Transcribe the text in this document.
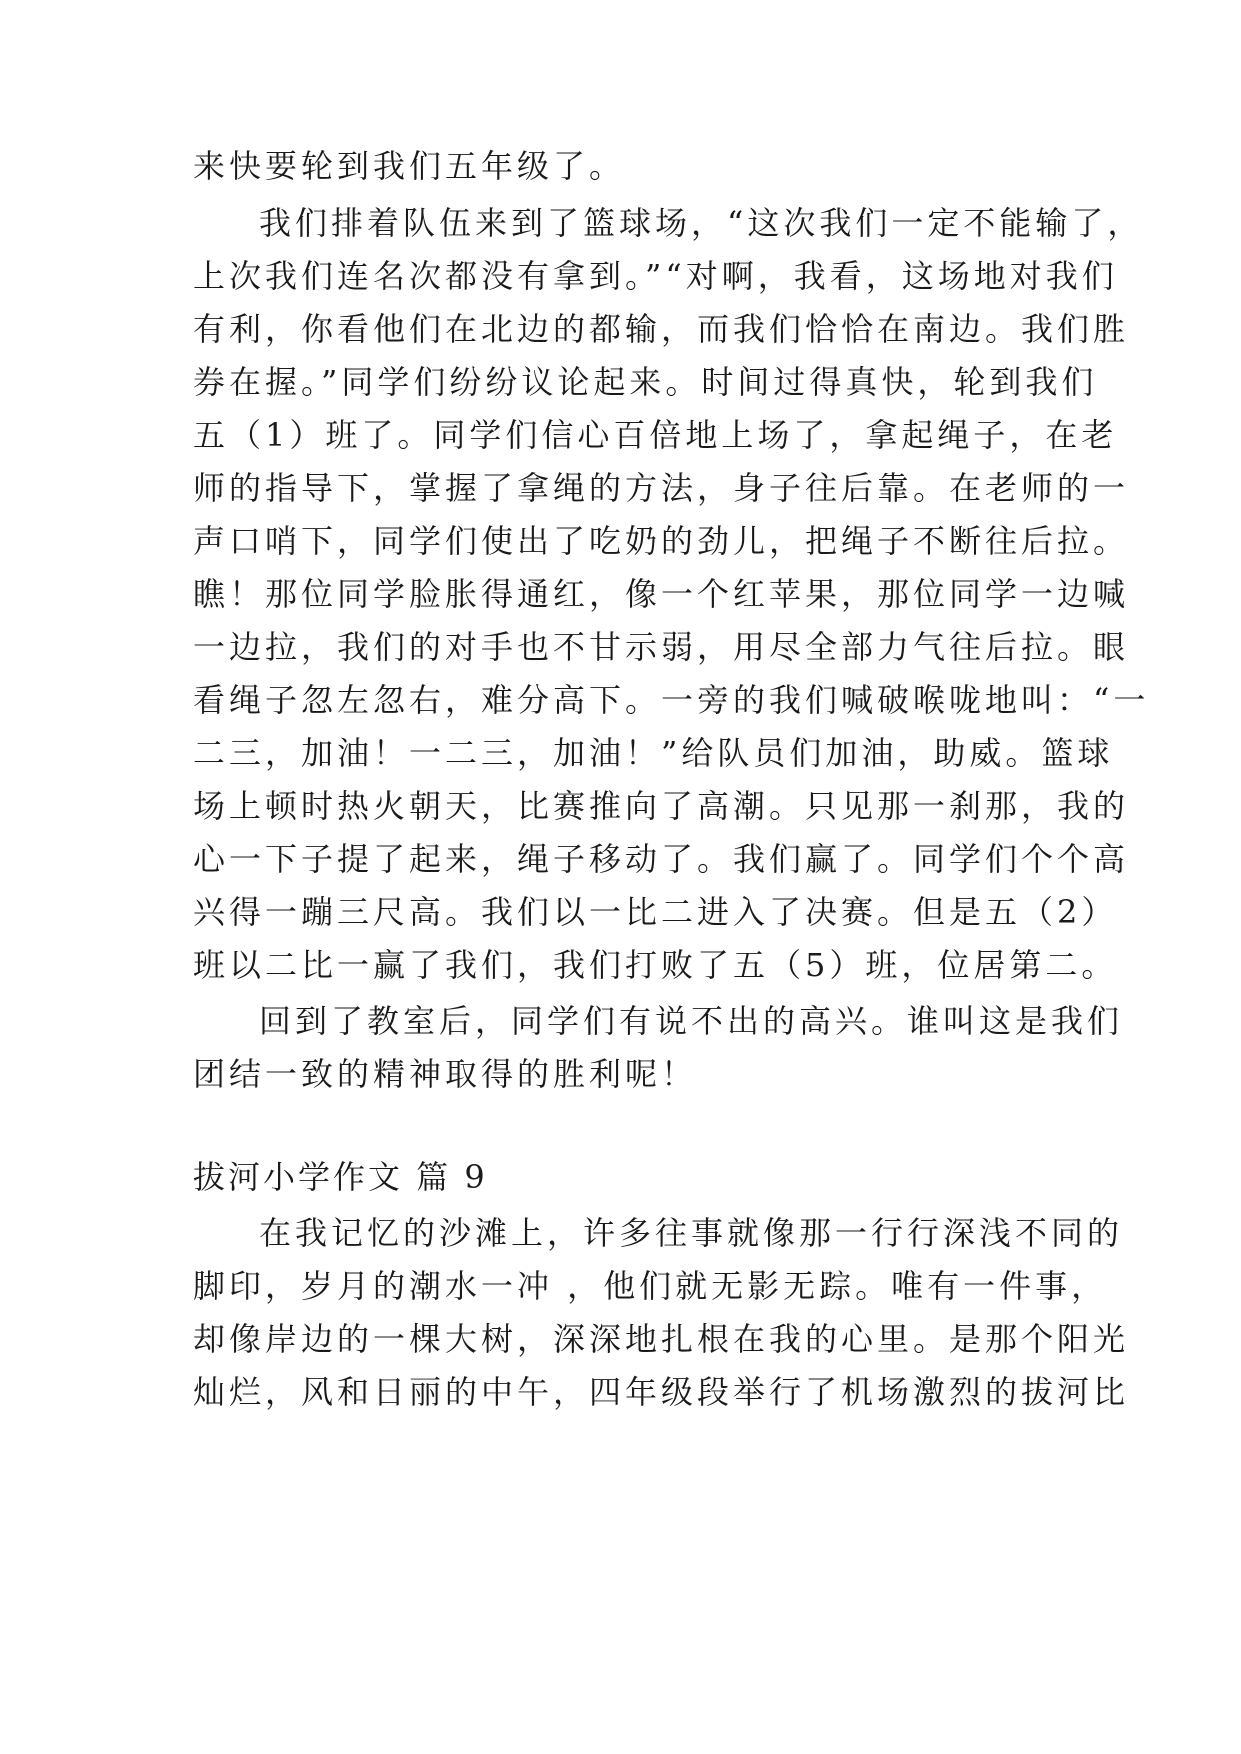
来快要轮到我们五年级了。
我们排着队伍来到了篮球场，“这次我们一定不能输了，
上次我们连名次都没有拿到。”“对啊，我看，这场地对我们
有利，你看他们在北边的都输，而我们恰恰在南边。我们胜
券在握。”同学们纷纷议论起来。时间过得真快，轮到我们
五（1）班了。同学们信心百倍地上场了，拿起绳子，在老
师的指导下，掌握了拿绳的方法，身子往后靠。在老师的一
声口哨下，同学们使出了吃奶的劲儿，把绳子不断往后拉。
瞧！那位同学脸胀得通红，像一个红苹果，那位同学一边喊
一边拉，我们的对手也不甘示弱，用尽全部力气往后拉。眼
看绳子忽左忽右，难分高下。一旁的我们喊破喉咙地叫：“一
二三，加油！一二三，加油！”给队员们加油，助威。篮球
场上顿时热火朝天，比赛推向了高潮。只见那一刹那，我的
心一下子提了起来，绳子移动了。我们赢了。同学们个个高
兴得一蹦三尺高。我们以一比二进入了决赛。但是五（2）
班以二比一赢了我们，我们打败了五（5）班，位居第二。
回到了教室后，同学们有说不出的高兴。谁叫这是我们
团结一致的精神取得的胜利呢！
拔河小学作文 篇 9
在我记忆的沙滩上，许多往事就像那一行行深浅不同的
脚印，岁月的潮水一冲 ，他们就无影无踪。唯有一件事，
却像岸边的一棵大树，深深地扎根在我的心里。是那个阳光
灿烂，风和日丽的中午，四年级段举行了机场激烈的拔河比
